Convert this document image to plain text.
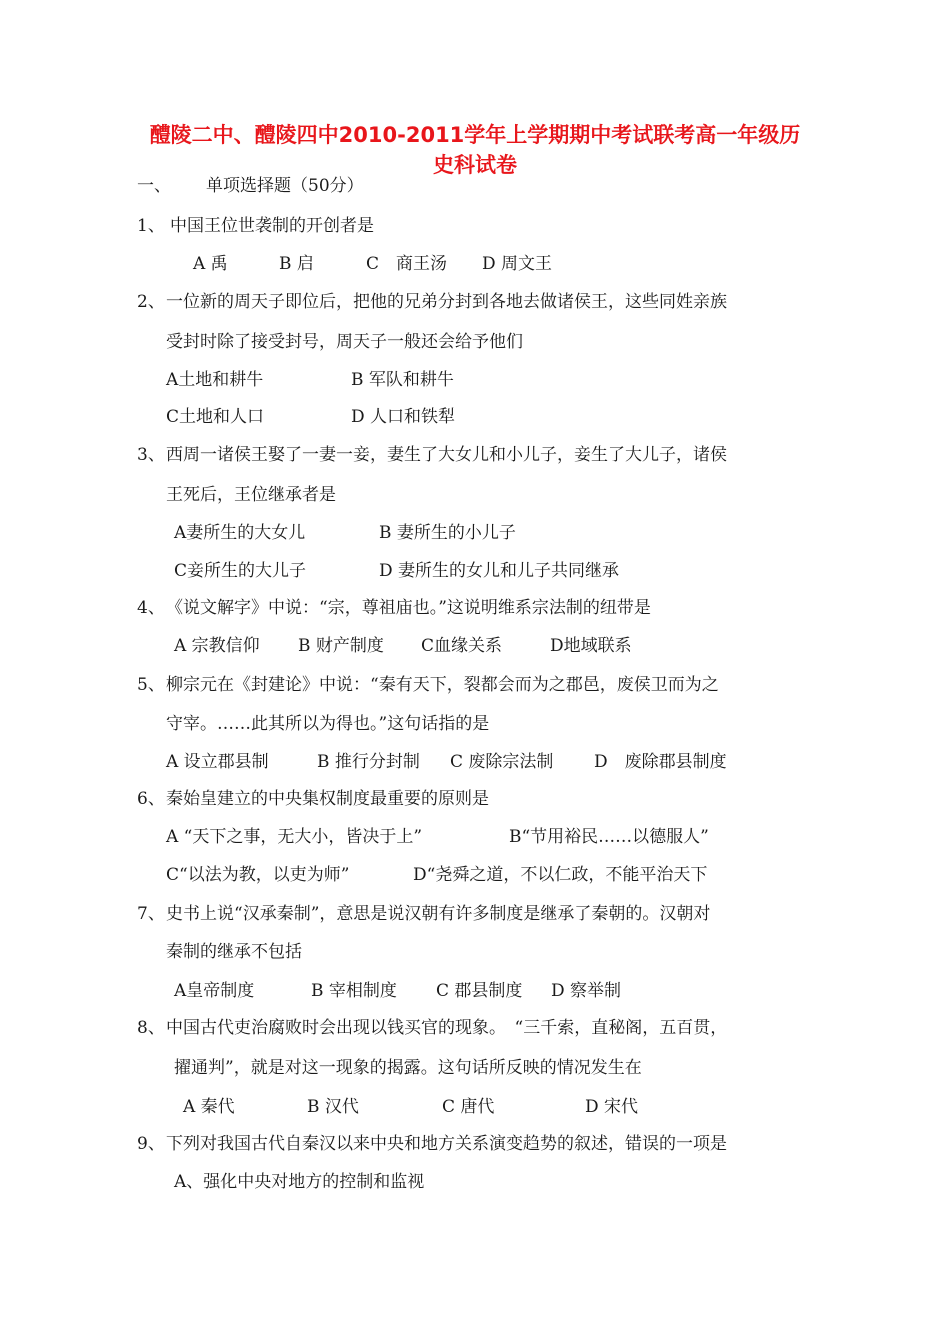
醴陵二中、醴陵四中2010-2011学年上学期期中考试联考高一年级历
史科试卷
一、 单项选择题（50分）
1、 中国王位世袭制的开创者是
A 禹	B 启	C　商王汤 D 周文王
2、 一位新的周天子即位后，把他的兄弟分封到各地去做诸侯王，这些同姓亲族
受封时除了接受封号，周天子一般还会给予他们
A土地和耕牛	B 军队和耕牛
C土地和人口	D 人口和铁犁
3、 西周一诸侯王娶了一妻一妾，妻生了大女儿和小儿子，妾生了大儿子，诸侯
王死后，王位继承者是
A妻所生的大女儿	B 妻所生的小儿子
C妾所生的大儿子	D 妻所生的女儿和儿子共同继承
4、 《说文解字》中说：“宗，尊祖庙也。”这说明维系宗法制的纽带是
A 宗教信仰 B 财产制度 C血缘关系	D地域联系
5、 柳宗元在《封建论》中说：“秦有天下，裂都会而为之郡邑，废侯卫而为之
守宰。……此其所以为得也。”这句话指的是
A 设立郡县制	B 推行分封制 C 废除宗法制 D　废除郡县制度
6、 秦始皇建立的中央集权制度最重要的原则是
A “天下之事，无大小，皆决于上”	B“节用裕民……以德服人”
C“以法为教，以吏为师”	D“尧舜之道，不以仁政，不能平治天下
7、 史书上说“汉承秦制”，意思是说汉朝有许多制度是继承了秦朝的。汉朝对
秦制的继承不包括
A皇帝制度	B 宰相制度 C 郡县制度 D 察举制
8、 中国古代吏治腐败时会出现以钱买官的现象。　“三千索，直秘阁，五百贯，
擢通判”，就是对这一现象的揭露。这句话所反映的情况发生在
A 秦代	B 汉代	C 唐代	D 宋代
9、 下列对我国古代自秦汉以来中央和地方关系演变趋势的叙述，错误的一项是
A、强化中央对地方的控制和监视
